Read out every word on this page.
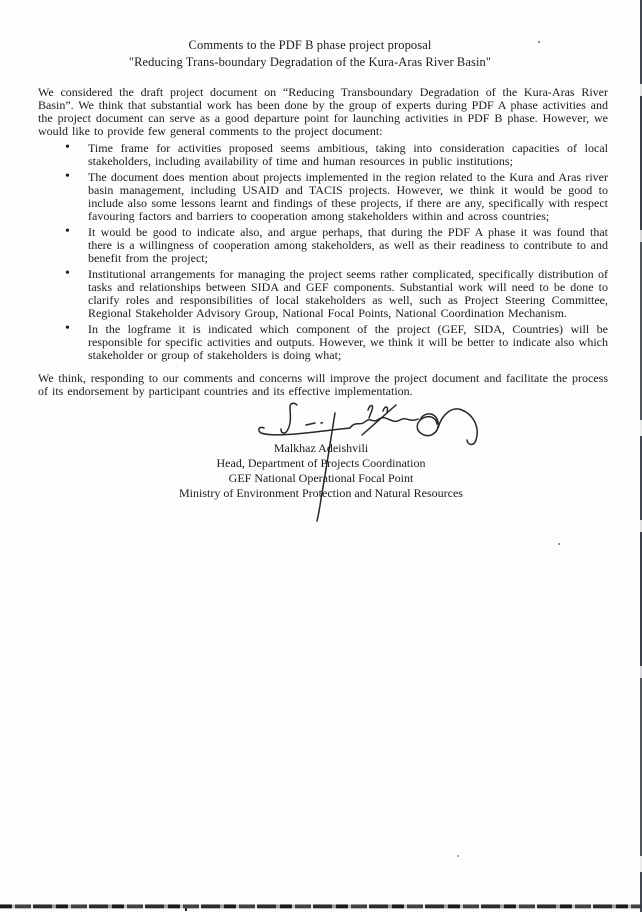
Comments to the PDF B phase project proposal
"Reducing Trans-boundary Degradation of the Kura-Aras River Basin"

We considered the draft project document on “Reducing Transboundary Degradation of the Kura-Aras River Basin”. We think that substantial work has been done by the group of experts during PDF A phase activities and the project document can serve as a good departure point for launching activities in PDF B phase. However, we would like to provide few general comments to the project document:

• Time frame for activities proposed seems ambitious, taking into consideration capacities of local stakeholders, including availability of time and human resources in public institutions;
• The document does mention about projects implemented in the region related to the Kura and Aras river basin management, including USAID and TACIS projects. However, we think it would be good to include also some lessons learnt and findings of these projects, if there are any, specifically with respect favouring factors and barriers to cooperation among stakeholders within and across countries;
• It would be good to indicate also, and argue perhaps, that during the PDF A phase it was found that there is a willingness of cooperation among stakeholders, as well as their readiness to contribute to and benefit from the project;
• Institutional arrangements for managing the project seems rather complicated, specifically distribution of tasks and relationships between SIDA and GEF components. Substantial work will need to be done to clarify roles and responsibilities of local stakeholders as well, such as Project Steering Committee, Regional Stakeholder Advisory Group, National Focal Points, National Coordination Mechanism.
• In the logframe it is indicated which component of the project (GEF, SIDA, Countries) will be responsible for specific activities and outputs. However, we think it will be better to indicate also which stakeholder or group of stakeholders is doing what;

We think, responding to our comments and concerns will improve the project document and facilitate the process of its endorsement by participant countries and its effective implementation.

Malkhaz Adeishvili
Head, Department of Projects Coordination
GEF National Operational Focal Point
Ministry of Environment Protection and Natural Resources
